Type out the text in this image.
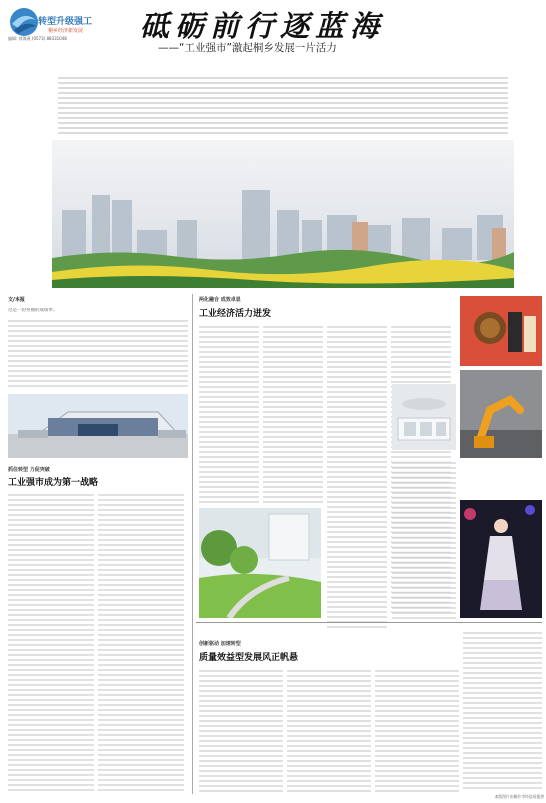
转型升级强工
桐乡经济新发展
编辑: 徐海燕 (0573) 88331048	砥砺前行逐蓝海
——“工业强市”激起桐乡发展一片活力
文/本报
这是一份亮丽的成绩单。
抓住转型 力促突破
工业强市成为第一战略
两化融合 成效卓显
工业经济活力迸发
创新驱动 加速转型
质量效益型发展风正帆悬
本版图片由桐乡市经信局提供
